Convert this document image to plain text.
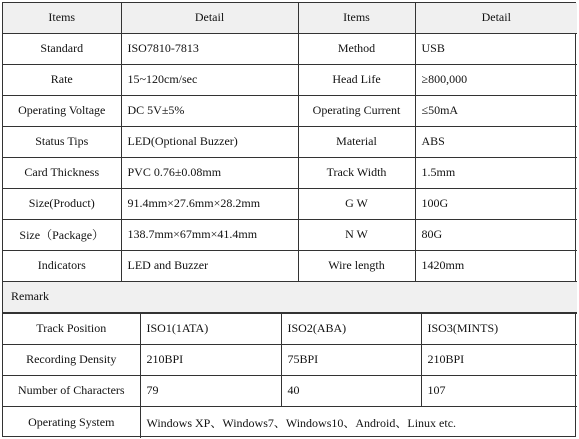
Items	Detail	Items	Detail
Standard	ISO7810-7813	Method	USB
Rate	15~120cm/sec	Head Life	≥800,000
Operating Voltage	DC 5V±5%	Operating Current	≤50mA
Status Tips	LED(Optional Buzzer)	Material	ABS
Card Thickness	PVC 0.76±0.08mm	Track Width	1.5mm
Size(Product)	91.4mm×27.6mm×28.2mm	G W	100G
Size（Package）	138.7mm×67mm×41.4mm	N W	80G
Indicators	LED and Buzzer	Wire length	1420mm
Remark			
Track Position	ISO1(1ATA)	ISO2(ABA)	ISO3(MINTS)
Recording Density	210BPI	75BPI	210BPI
Number of Characters	79	40	107
Operating System	Windows XP、Windows7、Windows10、Android、Linux etc.		
